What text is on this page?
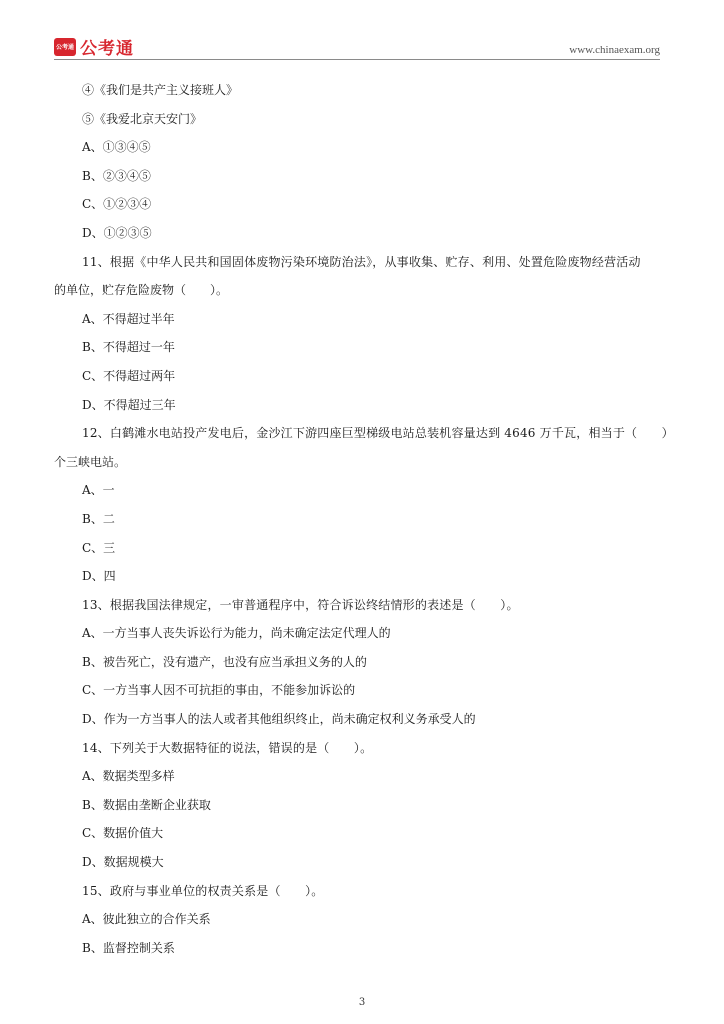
公考通 公考通	www.chinaexam.org
④《我们是共产主义接班人》
⑤《我爱北京天安门》
A、①③④⑤
B、②③④⑤
C、①②③④
D、①②③⑤
11、根据《中华人民共和国固体废物污染环境防治法》，从事收集、贮存、利用、处置危险废物经营活动
的单位，贮存危险废物（　　）。
A、不得超过半年
B、不得超过一年
C、不得超过两年
D、不得超过三年
12、白鹤滩水电站投产发电后，金沙江下游四座巨型梯级电站总装机容量达到 4646 万千瓦，相当于（　　）
个三峡电站。
A、一
B、二
C、三
D、四
13、根据我国法律规定，一审普通程序中，符合诉讼终结情形的表述是（　　）。
A、一方当事人丧失诉讼行为能力，尚未确定法定代理人的
B、被告死亡，没有遗产，也没有应当承担义务的人的
C、一方当事人因不可抗拒的事由，不能参加诉讼的
D、作为一方当事人的法人或者其他组织终止，尚未确定权利义务承受人的
14、下列关于大数据特征的说法，错误的是（　　）。
A、数据类型多样
B、数据由垄断企业获取
C、数据价值大
D、数据规模大
15、政府与事业单位的权责关系是（　　）。
A、彼此独立的合作关系
B、监督控制关系
3
